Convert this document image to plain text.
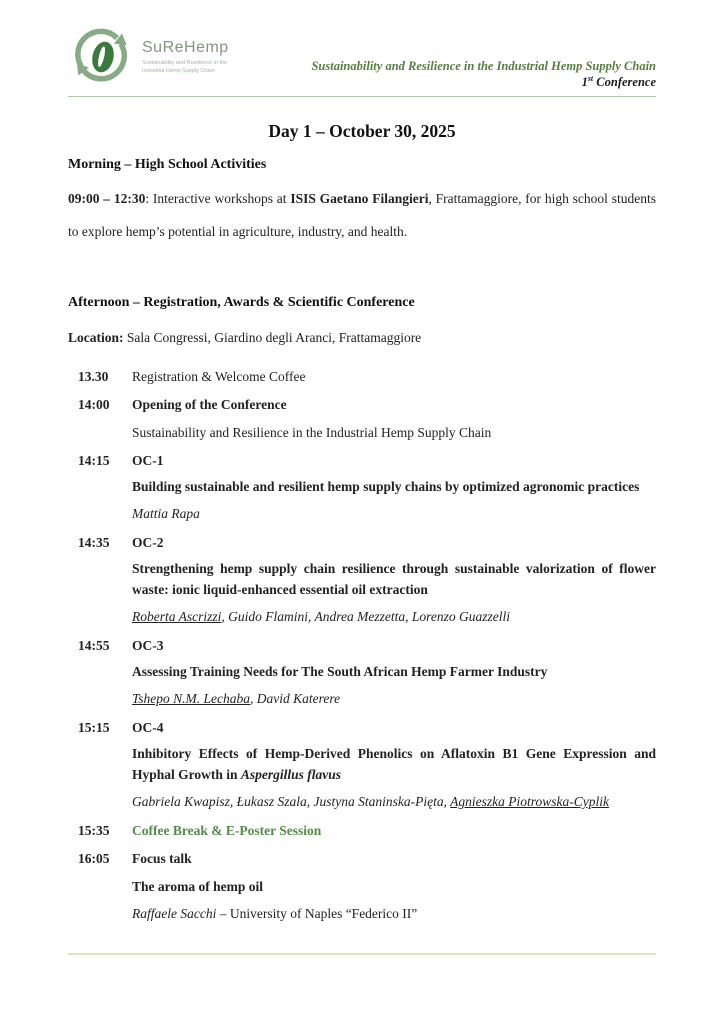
SuReHemp
Sustainability and Resilience in the
Industrial Hemp Supply Chain	Sustainability and Resilience in the Industrial Hemp Supply Chain
1st Conference
Day 1 – October 30, 2025
Morning – High School Activities
09:00 – 12:30: Interactive workshops at ISIS Gaetano Filangieri, Frattamaggiore, for high school students to explore hemp’s potential in agriculture, industry, and health.
Afternoon – Registration, Awards & Scientific Conference
Location: Sala Congressi, Giardino degli Aranci, Frattamaggiore
13.30	Registration & Welcome Coffee
14:00	Opening of the Conference
Sustainability and Resilience in the Industrial Hemp Supply Chain
14:15	OC-1
Building sustainable and resilient hemp supply chains by optimized agronomic practices
Mattia Rapa
14:35	OC-2
Strengthening hemp supply chain resilience through sustainable valorization of flower waste: ionic liquid-enhanced essential oil extraction
Roberta Ascrizzi, Guido Flamini, Andrea Mezzetta, Lorenzo Guazzelli
14:55	OC-3
Assessing Training Needs for The South African Hemp Farmer Industry
Tshepo N.M. Lechaba, David Katerere
15:15	OC-4
Inhibitory Effects of Hemp-Derived Phenolics on Aflatoxin B1 Gene Expression and Hyphal Growth in Aspergillus flavus
Gabriela Kwapisz, Łukasz Szala, Justyna Staninska-Pięta, Agnieszka Piotrowska-Cyplik
15:35	Coffee Break & E-Poster Session
16:05	Focus talk
The aroma of hemp oil
Raffaele Sacchi – University of Naples “Federico II”
